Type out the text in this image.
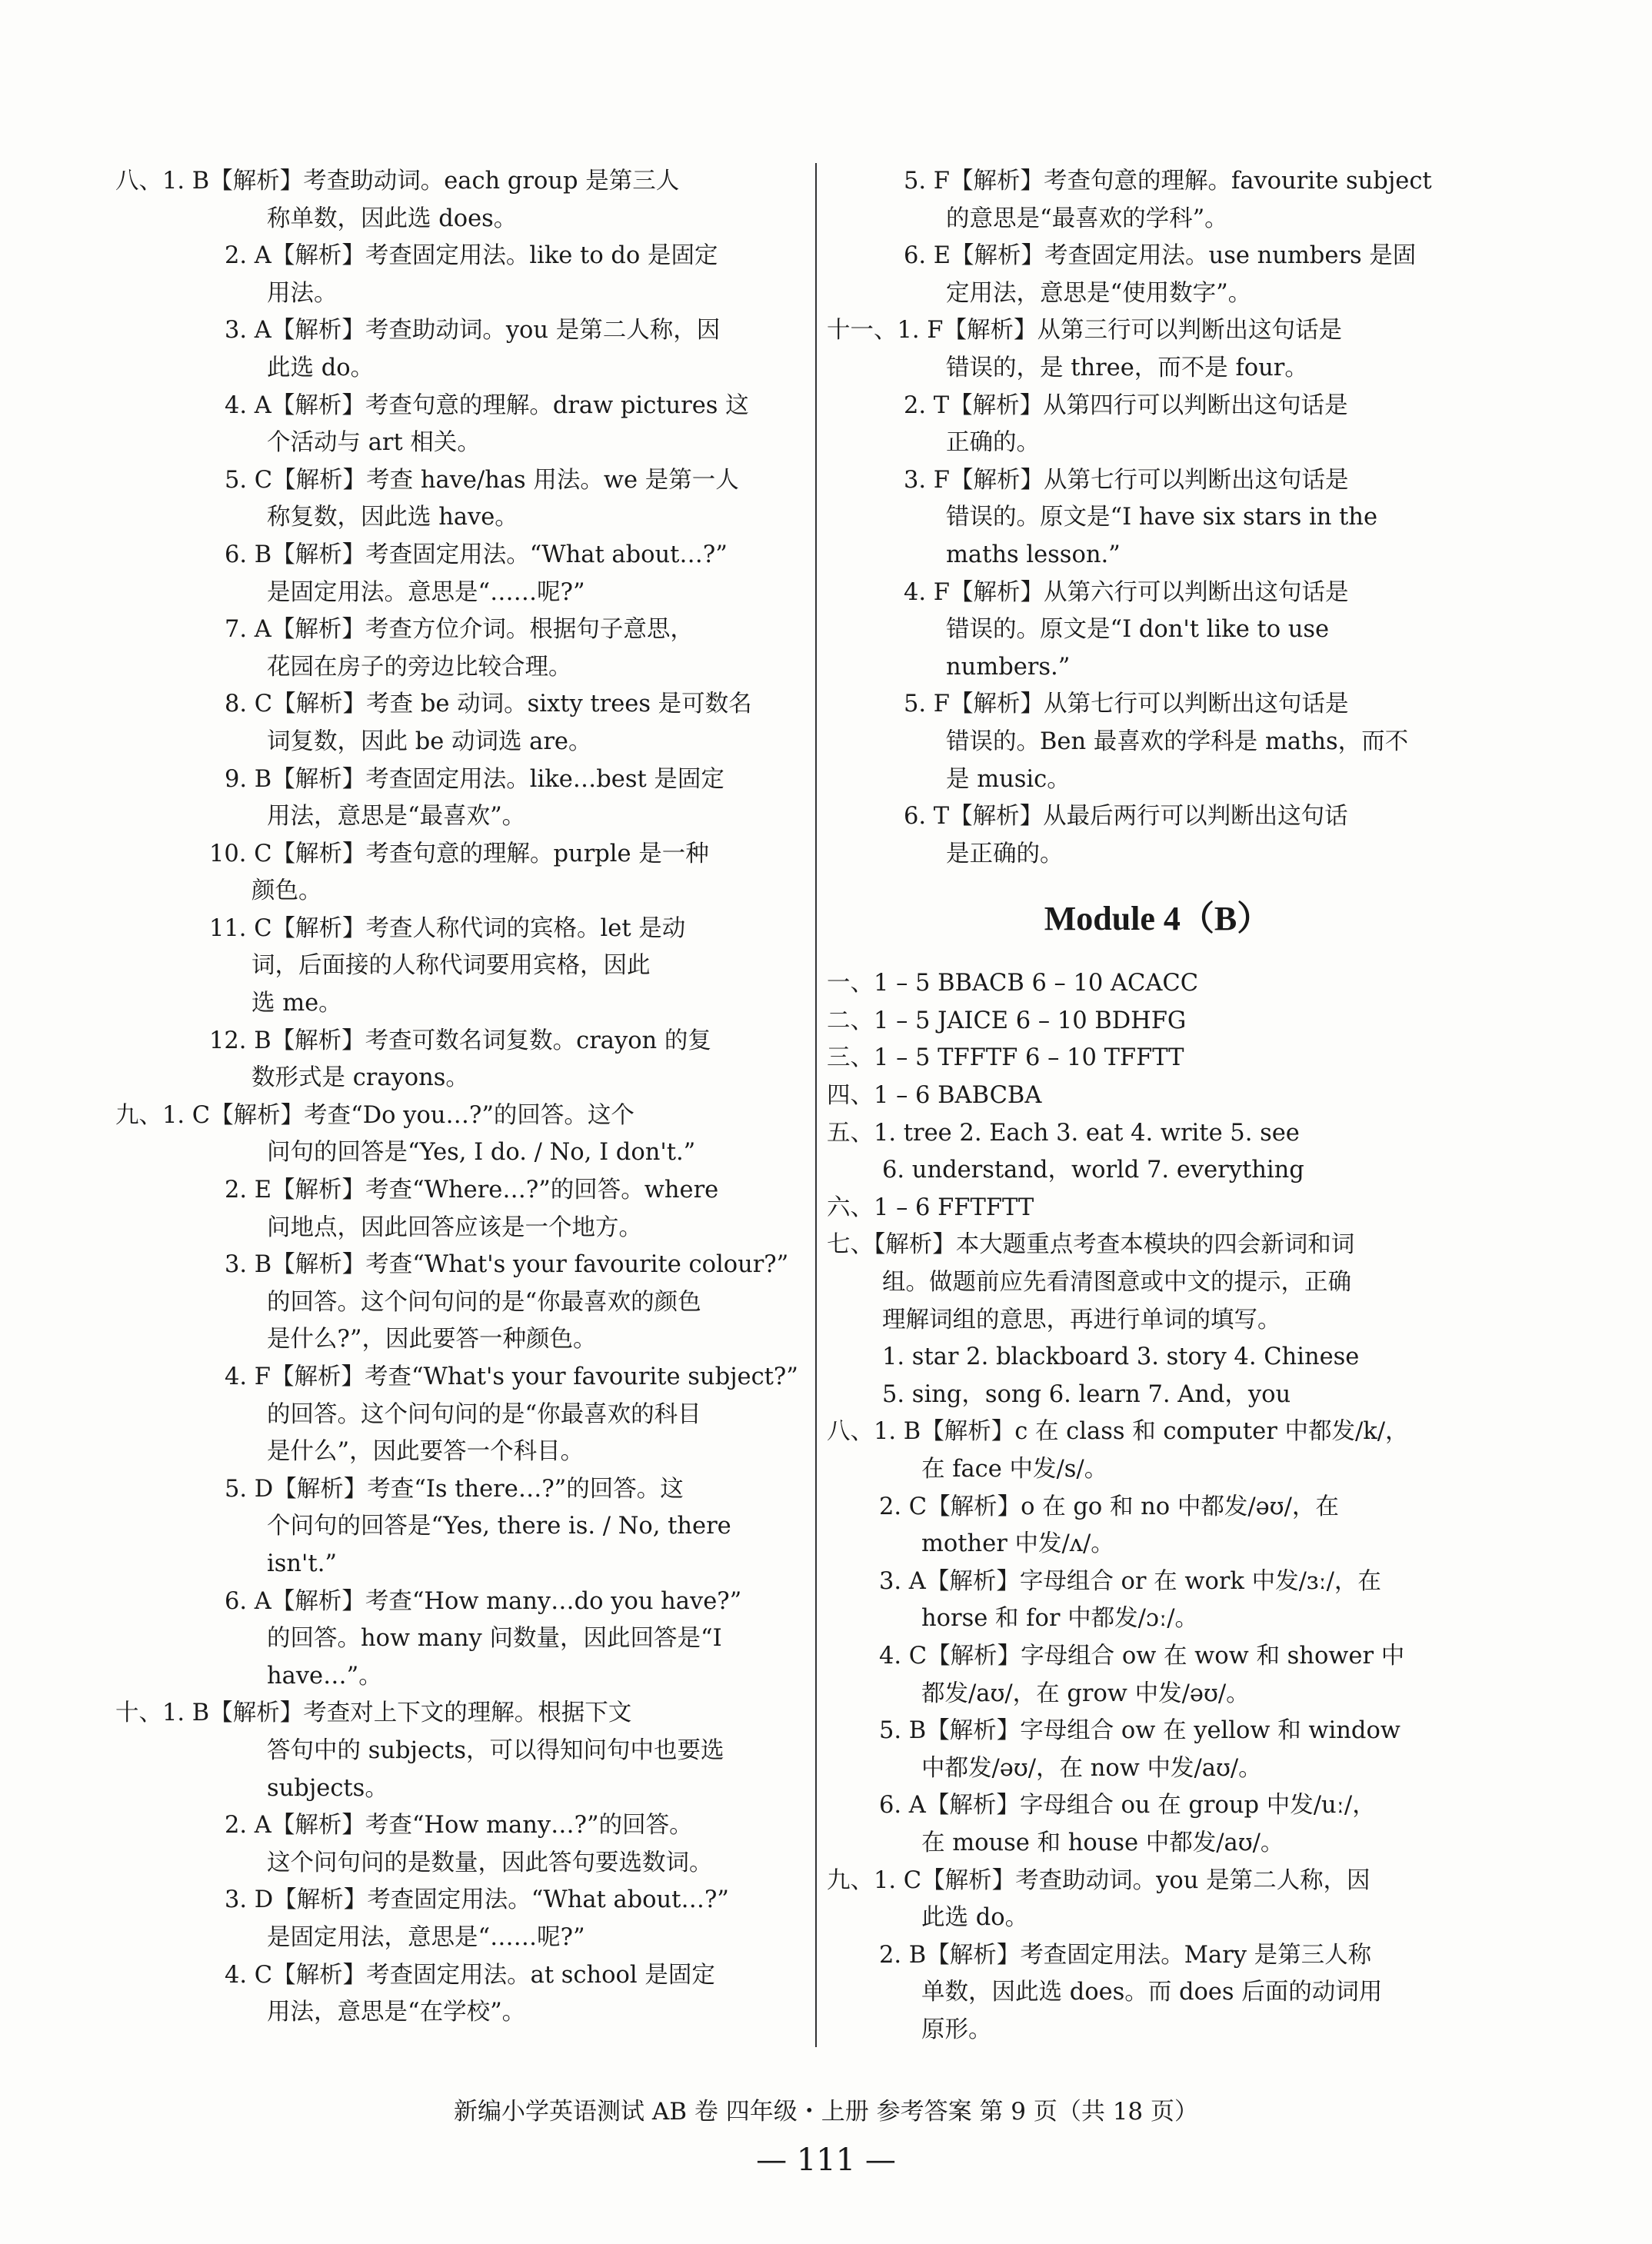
八、1. B【解析】考查助动词。each group 是第三人
称单数，因此选 does。
2. A【解析】考查固定用法。like to do 是固定
用法。
3. A【解析】考查助动词。you 是第二人称，因
此选 do。
4. A【解析】考查句意的理解。draw pictures 这
个活动与 art 相关。
5. C【解析】考查 have/has 用法。we 是第一人
称复数，因此选 have。
6. B【解析】考查固定用法。“What about…?”
是固定用法。意思是“……呢?”
7. A【解析】考查方位介词。根据句子意思，
花园在房子的旁边比较合理。
8. C【解析】考查 be 动词。sixty trees 是可数名
词复数，因此 be 动词选 are。
9. B【解析】考查固定用法。like…best 是固定
用法，意思是“最喜欢”。
10. C【解析】考查句意的理解。purple 是一种
颜色。
11. C【解析】考查人称代词的宾格。let 是动
词，后面接的人称代词要用宾格，因此
选 me。
12. B【解析】考查可数名词复数。crayon 的复
数形式是 crayons。
九、1. C【解析】考查“Do you…?”的回答。这个
问句的回答是“Yes, I do. / No, I don't.”
2. E【解析】考查“Where…?”的回答。where
问地点，因此回答应该是一个地方。
3. B【解析】考查“What's your favourite colour?”
的回答。这个问句问的是“你最喜欢的颜色
是什么?”，因此要答一种颜色。
4. F【解析】考查“What's your favourite subject?”
的回答。这个问句问的是“你最喜欢的科目
是什么”，因此要答一个科目。
5. D【解析】考查“Is there…?”的回答。这
个问句的回答是“Yes, there is. / No, there
isn't.”
6. A【解析】考查“How many…do you have?”
的回答。how many 问数量，因此回答是“I
have…”。
十、1. B【解析】考查对上下文的理解。根据下文
答句中的 subjects，可以得知问句中也要选
subjects。
2. A【解析】考查“How many…?”的回答。
这个问句问的是数量，因此答句要选数词。
3. D【解析】考查固定用法。“What about…?”
是固定用法，意思是“……呢?”
4. C【解析】考查固定用法。at school 是固定
用法，意思是“在学校”。
5. F【解析】考查句意的理解。favourite subject
的意思是“最喜欢的学科”。
6. E【解析】考查固定用法。use numbers 是固
定用法，意思是“使用数字”。
十一、1. F【解析】从第三行可以判断出这句话是
错误的，是 three，而不是 four。
2. T【解析】从第四行可以判断出这句话是
正确的。
3. F【解析】从第七行可以判断出这句话是
错误的。原文是“I have six stars in the
maths lesson.”
4. F【解析】从第六行可以判断出这句话是
错误的。原文是“I don't like to use
numbers.”
5. F【解析】从第七行可以判断出这句话是
错误的。Ben 最喜欢的学科是 maths，而不
是 music。
6. T【解析】从最后两行可以判断出这句话
是正确的。
Module 4（B）
一、1 – 5 BBACB 6 – 10 ACACC
二、1 – 5 JAICE 6 – 10 BDHFG
三、1 – 5 TFFTF 6 – 10 TFFTT
四、1 – 6 BABCBA
五、1. tree 2. Each 3. eat 4. write 5. see
6. understand，world 7. everything
六、1 – 6 FFTFTT
七、【解析】本大题重点考查本模块的四会新词和词
组。做题前应先看清图意或中文的提示，正确
理解词组的意思，再进行单词的填写。
1. star 2. blackboard 3. story 4. Chinese
5. sing，song 6. learn 7. And，you
八、1. B【解析】c 在 class 和 computer 中都发/k/，
在 face 中发/s/。
2. C【解析】o 在 go 和 no 中都发/əʊ/，在
mother 中发/ʌ/。
3. A【解析】字母组合 or 在 work 中发/ɜː/，在
horse 和 for 中都发/ɔː/。
4. C【解析】字母组合 ow 在 wow 和 shower 中
都发/aʊ/，在 grow 中发/əʊ/。
5. B【解析】字母组合 ow 在 yellow 和 window
中都发/əʊ/，在 now 中发/aʊ/。
6. A【解析】字母组合 ou 在 group 中发/uː/，
在 mouse 和 house 中都发/aʊ/。
九、1. C【解析】考查助动词。you 是第二人称，因
此选 do。
2. B【解析】考查固定用法。Mary 是第三人称
单数，因此选 does。而 does 后面的动词用
原形。
新编小学英语测试 AB 卷 四年级・上册 参考答案 第 9 页（共 18 页）
— 111 —
